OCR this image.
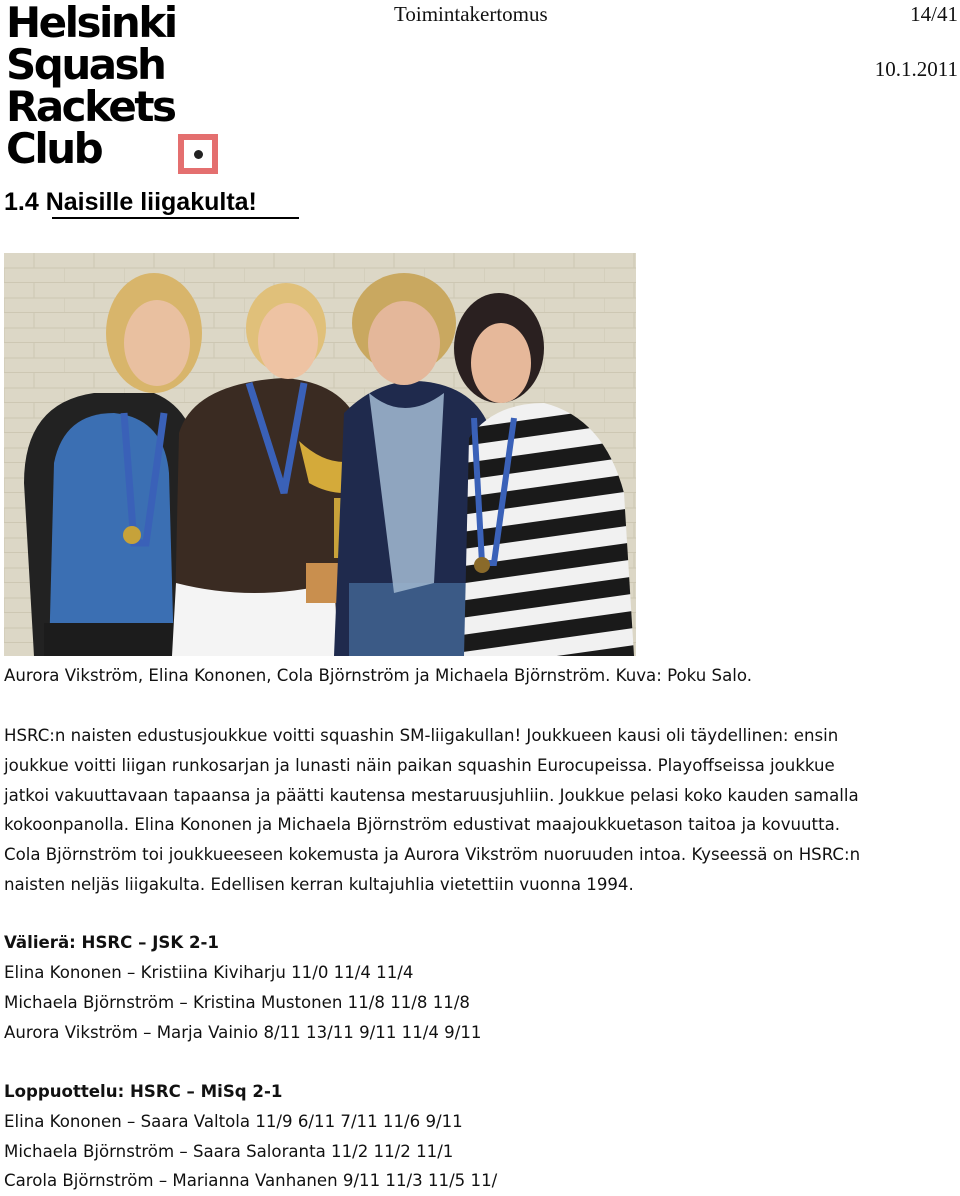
Helsinki
Squash
Rackets
Club
Toimintakertomus	14/41
10.1.2011
1.4 Naisille liigakulta!
Aurora Vikström, Elina Kononen, Cola Björnström ja Michaela Björnström. Kuva: Poku Salo.
HSRC:n naisten edustusjoukkue voitti squashin SM-liigakullan! Joukkueen kausi oli täydellinen: ensin
joukkue voitti liigan runkosarjan ja lunasti näin paikan squashin Eurocupeissa. Playoffseissa joukkue
jatkoi vakuuttavaan tapaansa ja päätti kautensa mestaruusjuhliin. Joukkue pelasi koko kauden samalla
kokoonpanolla. Elina Kononen ja Michaela Björnström edustivat maajoukkuetason taitoa ja kovuutta.
Cola Björnström toi joukkueeseen kokemusta ja Aurora Vikström nuoruuden intoa. Kyseessä on HSRC:n
naisten neljäs liigakulta. Edellisen kerran kultajuhlia vietettiin vuonna 1994.
Välierä: HSRC – JSK 2-1
Elina Kononen – Kristiina Kiviharju 11/0 11/4 11/4
Michaela Björnström – Kristina Mustonen 11/8 11/8 11/8
Aurora Vikström – Marja Vainio 8/11 13/11 9/11 11/4 9/11
Loppuottelu: HSRC – MiSq 2-1
Elina Kononen – Saara Valtola 11/9 6/11 7/11 11/6 9/11
Michaela Björnström – Saara Saloranta 11/2 11/2 11/1
Carola Björnström – Marianna Vanhanen 9/11 11/3 11/5 11/
